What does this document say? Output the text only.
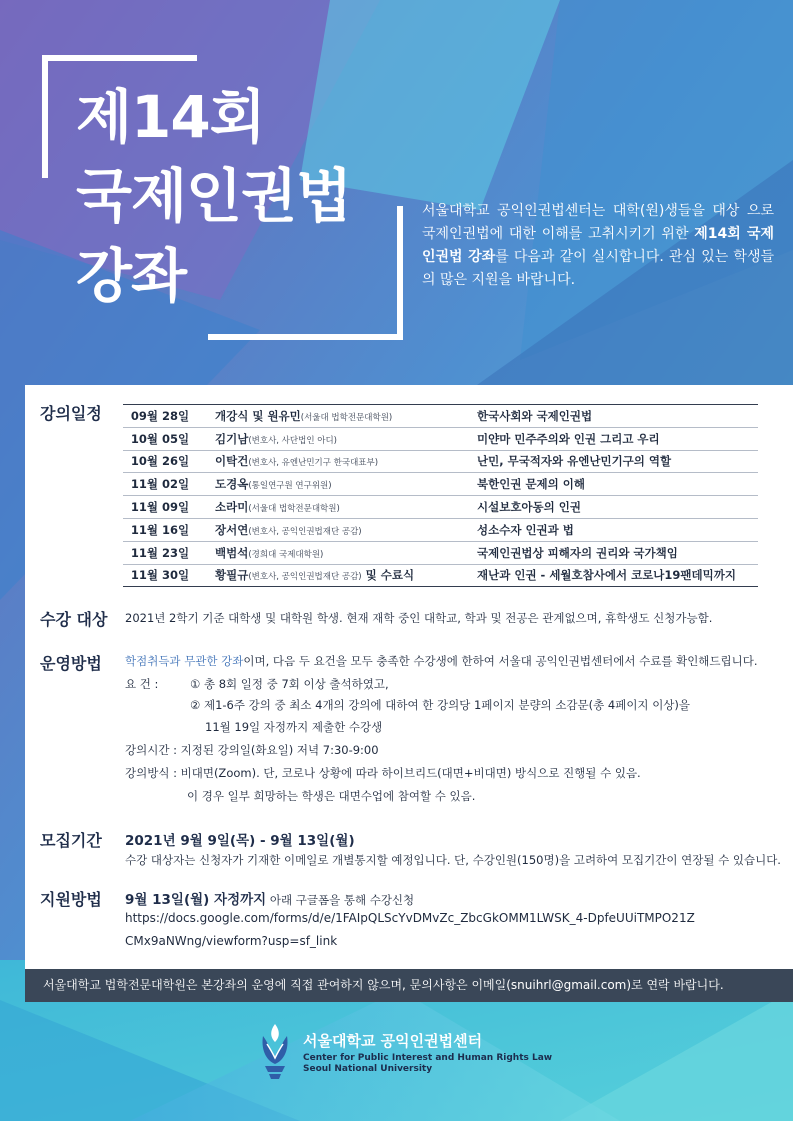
제14회
국제인권법
강좌
서울대학교 공익인권법센터는 대학(원)생들을 대상 으로 국제인권법에 대한 이해를 고취시키기 위한 제14회 국제인권법 강좌를 다음과 같이 실시합니다. 관심 있는 학생들의 많은 지원을 바랍니다.
강의일정	09월 28일	개강식 및 원유민(서울대 법학전문대학원)	한국사회와 국제인권법
10월 05일	김기남(변호사, 사단법인 아디)	미얀마 민주주의와 인권 그리고 우리
10월 26일	이탁건(변호사, 유엔난민기구 한국대표부)	난민, 무국적자와 유엔난민기구의 역할
11월 02일	도경옥(통일연구원 연구위원)	북한인권 문제의 이해
11월 09일	소라미(서울대 법학전문대학원)	시설보호아동의 인권
11월 16일	장서연(변호사, 공익인권법재단 공감)	성소수자 인권과 법
11월 23일	백범석(경희대 국제대학원)	국제인권법상 피해자의 권리와 국가책임
11월 30일	황필규(변호사, 공익인권법재단 공감) 및 수료식	재난과 인권 - 세월호참사에서 코로나19팬데믹까지
수강 대상 2021년 2학기 기준 대학생 및 대학원 학생. 현재 재학 중인 대학교, 학과 및 전공은 관계없으며, 휴학생도 신청가능함.
운영방법 학점취득과 무관한 강좌이며, 다음 두 요건을 모두 충족한 수강생에 한하여 서울대 공익인권법센터에서 수료를 확인해드립니다.
요 건 :	① 총 8회 일정 중 7회 이상 출석하였고,
② 제1-6주 강의 중 최소 4개의 강의에 대하여 한 강의당 1페이지 분량의 소감문(총 4페이지 이상)을
11월 19일 자정까지 제출한 수강생
강의시간 : 지정된 강의일(화요일) 저녁 7:30-9:00
강의방식 : 비대면(Zoom). 단, 코로나 상황에 따라 하이브리드(대면+비대면) 방식으로 진행될 수 있음.
이 경우 일부 희망하는 학생은 대면수업에 참여할 수 있음.
모집기간 2021년 9월 9일(목) - 9월 13일(월)
수강 대상자는 신청자가 기재한 이메일로 개별통지할 예정입니다. 단, 수강인원(150명)을 고려하여 모집기간이 연장될 수 있습니다.
지원방법 9월 13일(월) 자정까지 아래 구글폼을 통해 수강신청
https://docs.google.com/forms/d/e/1FAIpQLScYvDMvZc_ZbcGkOMM1LWSK_4-DpfeUUiTMPO21Z
CMx9aNWng/viewform?usp=sf_link
서울대학교 법학전문대학원은 본강좌의 운영에 직접 관여하지 않으며, 문의사항은 이메일(snuihrl@gmail.com)로 연락 바랍니다.
서울대학교 공익인권법센터
Center for Public Interest and Human Rights Law
Seoul National University
